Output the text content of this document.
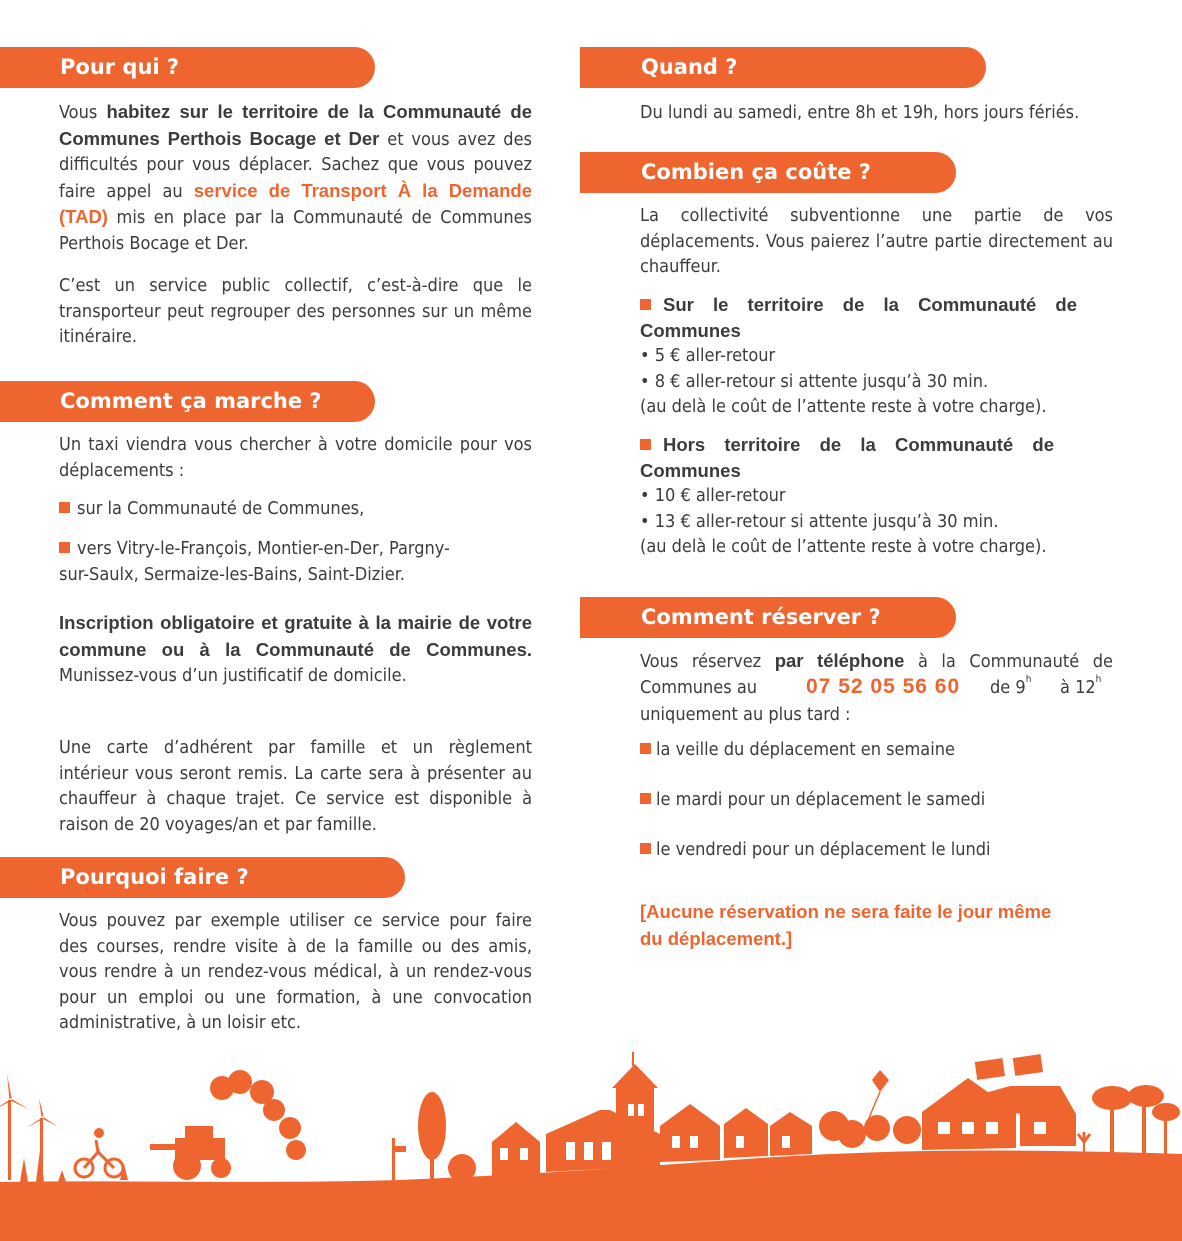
Pour qui ?

Vous habitez sur le territoire de la Communauté de Communes Perthois Bocage et Der et vous avez des difficultés pour vous déplacer. Sachez que vous pouvez faire appel au service de Transport À la Demande (TAD) mis en place par la Communauté de Communes Perthois Bocage et Der.

C’est un service public collectif, c’est-à-dire que le transporteur peut regrouper des personnes sur un même itinéraire.

Comment ça marche ?

Un taxi viendra vous chercher à votre domicile pour vos déplacements :

sur la Communauté de Communes,

vers Vitry-le-François, Montier-en-Der, Pargny-
sur-Saulx, Sermaize-les-Bains, Saint-Dizier.

Inscription obligatoire et gratuite à la mairie de votre commune ou à la Communauté de Communes. Munissez-vous d’un justificatif de domicile.

Une carte d’adhérent par famille et un règlement intérieur vous seront remis. La carte sera à présenter au chauffeur à chaque trajet. Ce service est disponible à raison de 20 voyages/an et par famille.

Pourquoi faire ?

Vous pouvez par exemple utiliser ce service pour faire des courses, rendre visite à de la famille ou des amis, vous rendre à un rendez-vous médical, à un rendez-vous pour un emploi ou une formation, à une convocation administrative, à un loisir etc.

Quand ?

Du lundi au samedi, entre 8h et 19h, hors jours fériés.

Combien ça coûte ?

La collectivité subventionne une partie de vos déplacements. Vous paierez l’autre partie directement au chauffeur.

Sur le territoire de la Communauté de
Communes
• 5 € aller-retour
• 8 € aller-retour si attente jusqu’à 30 min.
(au delà le coût de l’attente reste à votre charge).

Hors territoire de la Communauté de
Communes
• 10 € aller-retour
• 13 € aller-retour si attente jusqu’à 30 min.
(au delà le coût de l’attente reste à votre charge).

Comment réserver ?
Vous réservez par téléphone à la Communauté de
Communes au 07 52 05 56 60 de 9$^h$ à 12$^h$
uniquement au plus tard :

la veille du déplacement en semaine

le mardi pour un déplacement le samedi

le vendredi pour un déplacement le lundi

[Aucune réservation ne sera faite le jour même
du déplacement.]
